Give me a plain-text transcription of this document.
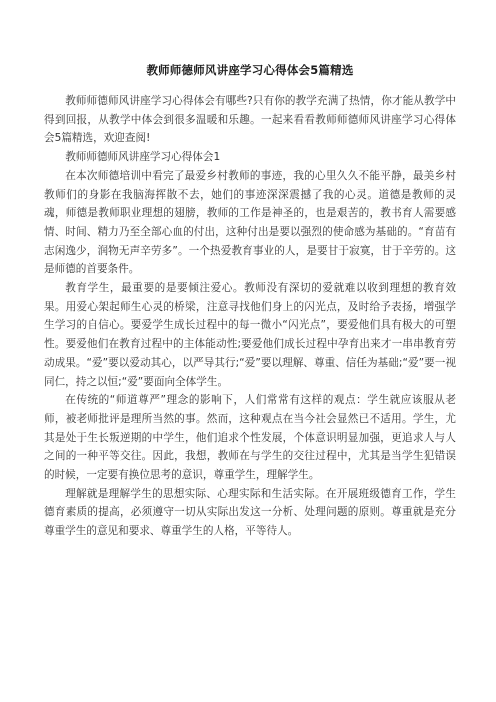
教师师德师风讲座学习心得体会5篇精选

教师师德师风讲座学习心得体会有哪些?只有你的教学充满了热情，你才能从教学中得到回报，从教学中体会到很多温暖和乐趣。一起来看看教师师德师风讲座学习心得体会5篇精选，欢迎查阅!

教师师德师风讲座学习心得体会1

在本次师德培训中看完了最爱乡村教师的事迹，我的心里久久不能平静，最美乡村教师们的身影在我脑海挥散不去，她们的事迹深深震撼了我的心灵。道德是教师的灵魂，师德是教师职业理想的翅膀，教师的工作是神圣的，也是艰苦的，教书育人需要感情、时间、精力乃至全部心血的付出，这种付出是要以强烈的使命感为基础的。“育苗有志闲逸少，润物无声辛劳多”。一个热爱教育事业的人，是要甘于寂寞，甘于辛劳的。这是师德的首要条件。

教育学生，最重要的是要倾注爱心。教师没有深切的爱就难以收到理想的教育效果。用爱心架起师生心灵的桥梁，注意寻找他们身上的闪光点，及时给予表扬，增强学生学习的自信心。要爱学生成长过程中的每一微小“闪光点”，要爱他们具有极大的可塑性。要爱他们在教育过程中的主体能动性;要爱他们成长过程中孕育出来才一串串教育劳动成果。“爱”要以爱动其心，以严导其行;“爱”要以理解、尊重、信任为基础;“爱”要一视同仁，持之以恒;“爱”要面向全体学生。

在传统的“师道尊严”理念的影响下，人们常常有这样的观点：学生就应该服从老师，被老师批评是理所当然的事。然而，这种观点在当今社会显然已不适用。学生，尤其是处于生长叛逆期的中学生，他们追求个性发展，个体意识明显加强，更追求人与人之间的一种平等交往。因此，我想，教师在与学生的交往过程中，尤其是当学生犯错误的时候，一定要有换位思考的意识，尊重学生，理解学生。

理解就是理解学生的思想实际、心理实际和生活实际。在开展班级德育工作，学生德育素质的提高，必须遵守一切从实际出发这一分析、处理问题的原则。尊重就是充分尊重学生的意见和要求、尊重学生的人格，平等待人。
